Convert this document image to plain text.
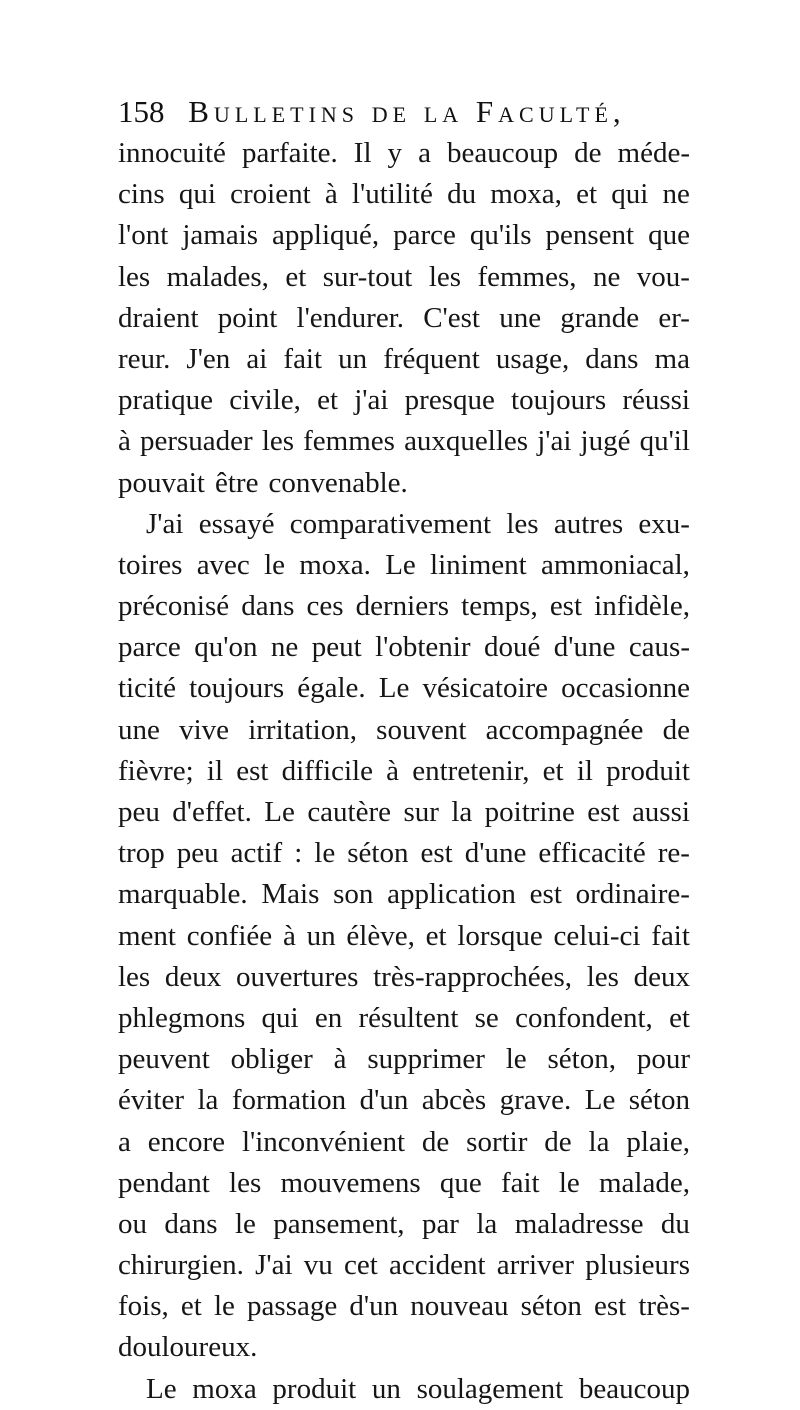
158 Bulletins de la Faculté,
innocuité parfaite. Il y a beaucoup de méde-
cins qui croient à l'utilité du moxa, et qui ne
l'ont jamais appliqué, parce qu'ils pensent que
les malades, et sur-tout les femmes, ne vou-
draient point l'endurer. C'est une grande er-
reur. J'en ai fait un fréquent usage, dans ma
pratique civile, et j'ai presque toujours réussi
à persuader les femmes auxquelles j'ai jugé qu'il
pouvait être convenable.
J'ai essayé comparativement les autres exu-
toires avec le moxa. Le liniment ammoniacal,
préconisé dans ces derniers temps, est infidèle,
parce qu'on ne peut l'obtenir doué d'une caus-
ticité toujours égale. Le vésicatoire occasionne
une vive irritation, souvent accompagnée de
fièvre; il est difficile à entretenir, et il produit
peu d'effet. Le cautère sur la poitrine est aussi
trop peu actif : le séton est d'une efficacité re-
marquable. Mais son application est ordinaire-
ment confiée à un élève, et lorsque celui-ci fait
les deux ouvertures très-rapprochées, les deux
phlegmons qui en résultent se confondent, et
peuvent obliger à supprimer le séton, pour
éviter la formation d'un abcès grave. Le séton
a encore l'inconvénient de sortir de la plaie,
pendant les mouvemens que fait le malade,
ou dans le pansement, par la maladresse du
chirurgien. J'ai vu cet accident arriver plusieurs
fois, et le passage d'un nouveau séton est très-
douloureux.
Le moxa produit un soulagement beaucoup
